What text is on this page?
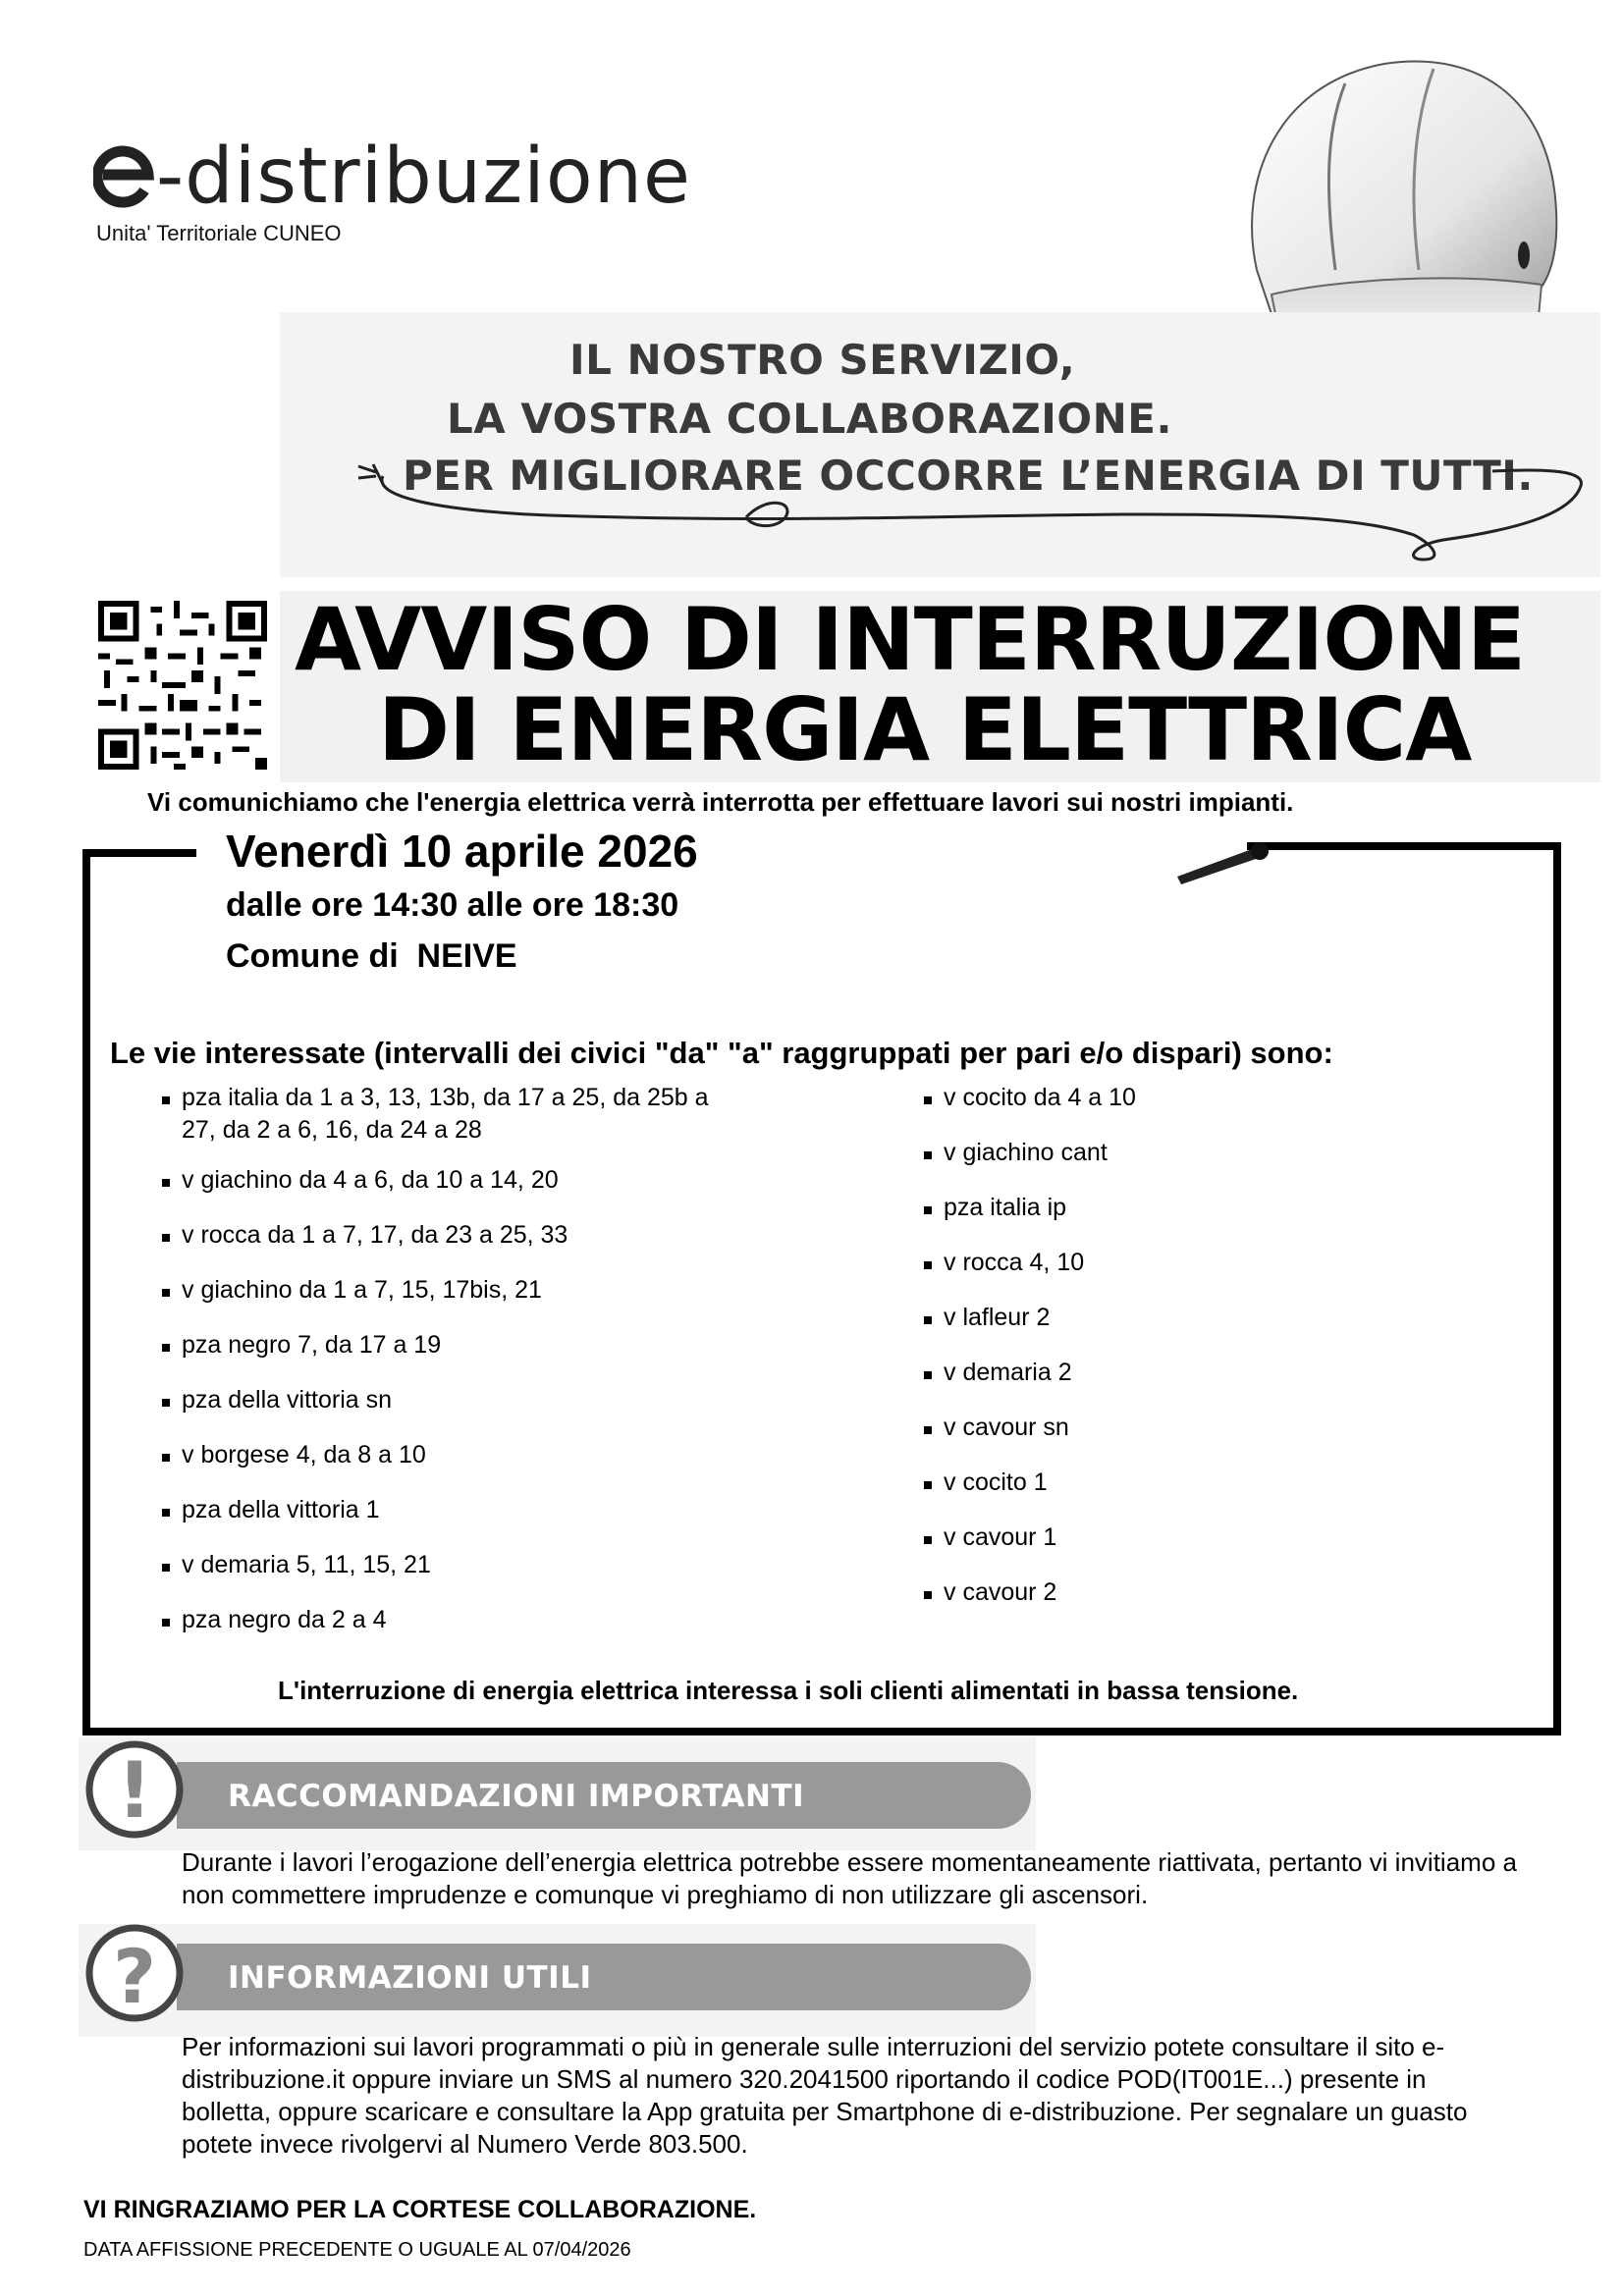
e -distribuzione
Unita' Territoriale CUNEO
IL NOSTRO SERVIZIO,
LA VOSTRA COLLABORAZIONE.
PER MIGLIORARE OCCORRE L’ENERGIA DI TUTTI.
AVVISO DI INTERRUZIONE
DI ENERGIA ELETTRICA
Vi comunichiamo che l'energia elettrica verrà interrotta per effettuare lavori sui nostri impianti.
Venerdì 10 aprile 2026
dalle ore 14:30 alle ore 18:30
Comune di  NEIVE
Le vie interessate (intervalli dei civici "da" "a" raggruppati per pari e/o dispari) sono:
pza italia da 1 a 3, 13, 13b, da 17 a 25, da 25b a 27, da 2 a 6, 16, da 24 a 28
v giachino da 4 a 6, da 10 a 14, 20
v rocca da 1 a 7, 17, da 23 a 25, 33
v giachino da 1 a 7, 15, 17bis, 21
pza negro 7, da 17 a 19
pza della vittoria sn
v borgese 4, da 8 a 10
pza della vittoria 1
v demaria 5, 11, 15, 21
pza negro da 2 a 4
v cocito da 4 a 10
v giachino cant
pza italia ip
v rocca 4, 10
v lafleur 2
v demaria 2
v cavour sn
v cocito 1
v cavour 1
v cavour 2
L'interruzione di energia elettrica interessa i soli clienti alimentati in bassa tensione.
RACCOMANDAZIONI IMPORTANTI
!
Durante i lavori l’erogazione dell’energia elettrica potrebbe essere momentaneamente riattivata, pertanto vi invitiamo a non commettere imprudenze e comunque vi preghiamo di non utilizzare gli ascensori.
INFORMAZIONI UTILI
?
Per informazioni sui lavori programmati o più in generale sulle interruzioni del servizio potete consultare il sito e-distribuzione.it oppure inviare un SMS al numero 320.2041500 riportando il codice POD(IT001E...) presente in bolletta, oppure scaricare e consultare la App gratuita per Smartphone di e-distribuzione. Per segnalare un guasto potete invece rivolgervi al Numero Verde 803.500.
VI RINGRAZIAMO PER LA CORTESE COLLABORAZIONE.
DATA AFFISSIONE PRECEDENTE O UGUALE AL 07/04/2026
